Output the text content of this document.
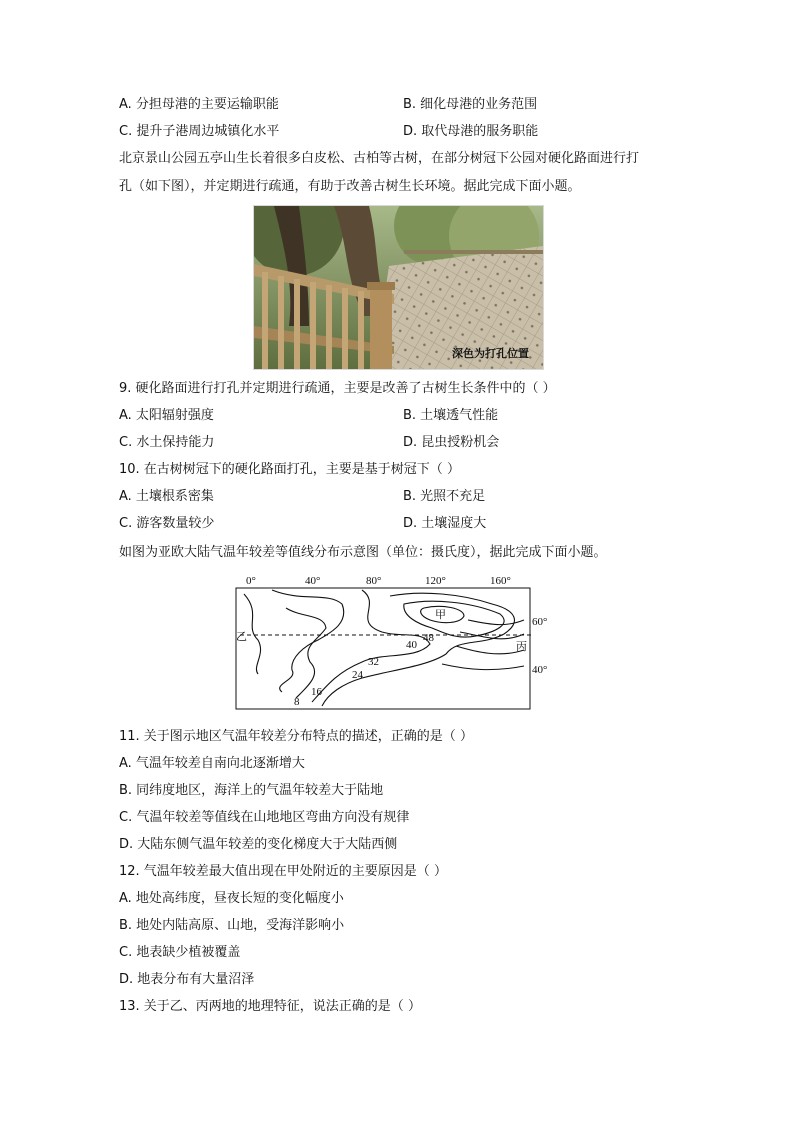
A. 分担母港的主要运输职能	B. 细化母港的业务范围
C. 提升子港周边城镇化水平	D. 取代母港的服务职能
北京景山公园五亭山生长着很多白皮松、古柏等古树，在部分树冠下公园对硬化路面进行打
孔（如下图），并定期进行疏通，有助于改善古树生长环境。据此完成下面小题。
深色为打孔位置
9. 硬化路面进行打孔并定期进行疏通，主要是改善了古树生长条件中的（ ）
A. 太阳辐射强度	B. 土壤透气性能
C. 水土保持能力	D. 昆虫授粉机会
10. 在古树树冠下的硬化路面打孔，主要是基于树冠下（ ）
A. 土壤根系密集	B. 光照不充足
C. 游客数量较少	D. 土壤湿度大
如图为亚欧大陆气温年较差等值线分布示意图（单位：摄氏度），据此完成下面小题。
0°	40°	80°	120°	160°
60°
40°
甲
乙
丙
48
40
32
24
16
8
11. 关于图示地区气温年较差分布特点的描述，正确的是（ ）
A. 气温年较差自南向北逐渐增大
B. 同纬度地区，海洋上的气温年较差大于陆地
C. 气温年较差等值线在山地地区弯曲方向没有规律
D. 大陆东侧气温年较差的变化梯度大于大陆西侧
12. 气温年较差最大值出现在甲处附近的主要原因是（ ）
A. 地处高纬度，昼夜长短的变化幅度小
B. 地处内陆高原、山地，受海洋影响小
C. 地表缺少植被覆盖
D. 地表分布有大量沼泽
13. 关于乙、丙两地的地理特征，说法正确的是（ ）
